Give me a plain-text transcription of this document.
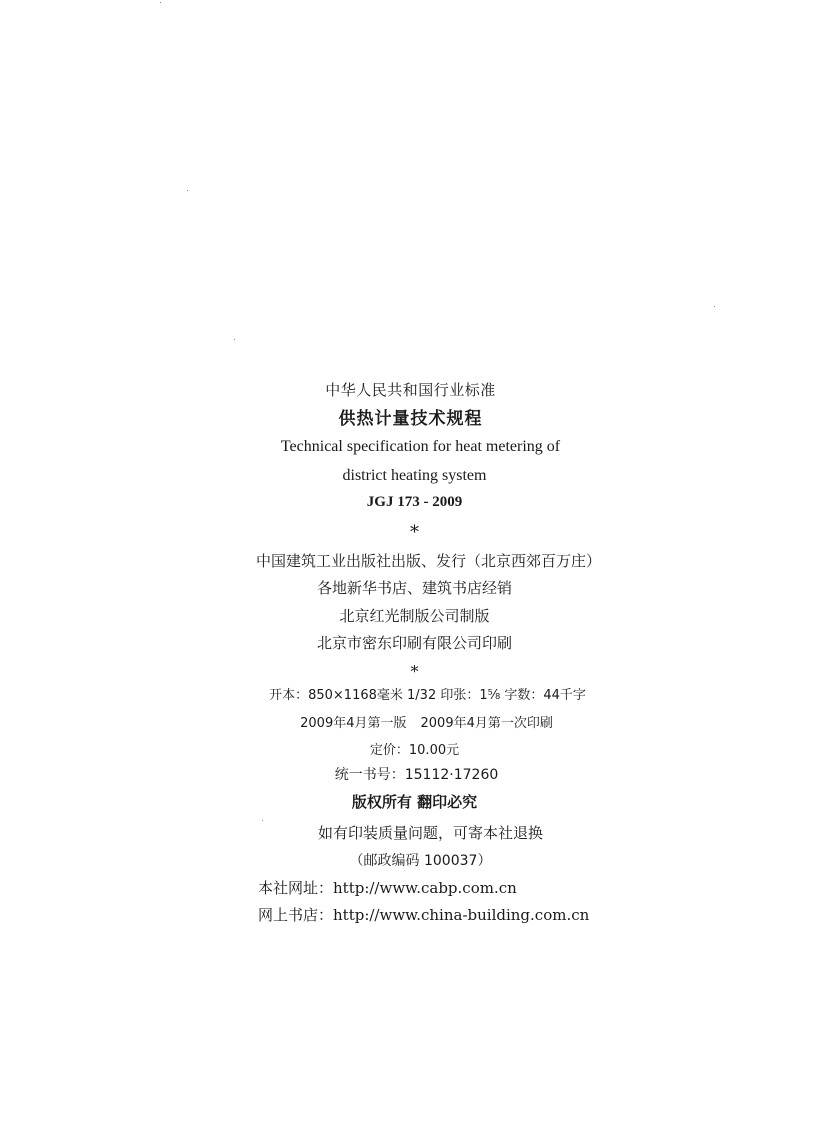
中华人民共和国行业标准
供热计量技术规程
Technical specification for heat metering of
district heating system
JGJ 173 - 2009
*
中国建筑工业出版社出版、发行（北京西郊百万庄）
各地新华书店、建筑书店经销
北京红光制版公司制版
北京市密东印刷有限公司印刷
*
开本：850×1168毫米 1/32 印张：1⅝ 字数：44千字
2009年4月第一版 2009年4月第一次印刷
定价：10.00元
统一书号：15112·17260
版权所有 翻印必究
如有印装质量问题，可寄本社退换
（邮政编码 100037）
本社网址：http://www.cabp.com.cn
网上书店：http://www.china-building.com.cn
